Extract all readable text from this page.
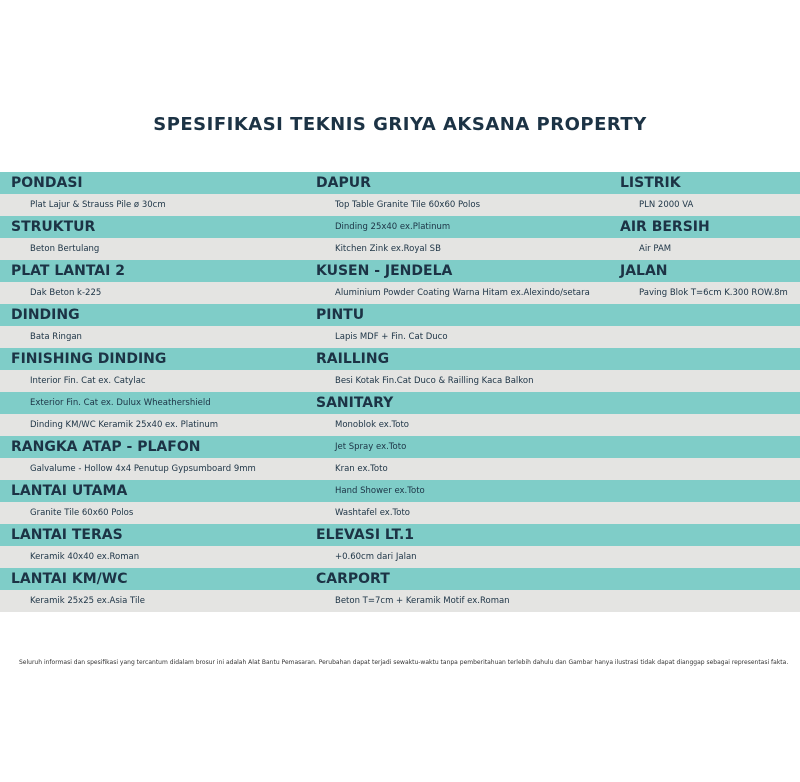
SPESIFIKASI TEKNIS GRIYA AKSANA PROPERTY
PONDASI
Plat Lajur & Strauss Pile ø 30cm
STRUKTUR
Beton Bertulang
PLAT LANTAI 2
Dak Beton k-225
DINDING
Bata Ringan
FINISHING DINDING
Interior Fin. Cat ex. Catylac
Exterior Fin. Cat ex. Dulux Wheathershield
Dinding KM/WC Keramik 25x40 ex. Platinum
RANGKA ATAP - PLAFON
Galvalume - Hollow 4x4 Penutup Gypsumboard 9mm
LANTAI UTAMA
Granite Tile 60x60 Polos
LANTAI TERAS
Keramik 40x40 ex.Roman
LANTAI KM/WC
Keramik 25x25 ex.Asia Tile
DAPUR
Top Table Granite Tile 60x60 Polos
Dinding 25x40 ex.Platinum
Kitchen Zink ex.Royal SB
KUSEN - JENDELA
Aluminium Powder Coating Warna Hitam ex.Alexindo/setara
PINTU
Lapis MDF + Fin. Cat Duco
RAILLING
Besi Kotak Fin.Cat Duco & Railling Kaca Balkon
SANITARY
Monoblok ex.Toto
Jet Spray ex.Toto
Kran ex.Toto
Hand Shower ex.Toto
Washtafel ex.Toto
ELEVASI LT.1
+0.60cm dari Jalan
CARPORT
Beton T=7cm + Keramik Motif ex.Roman
LISTRIK
PLN 2000 VA
AIR BERSIH
Air PAM
JALAN
Paving Blok T=6cm K.300 ROW.8m
Seluruh informasi dan spesifikasi yang tercantum didalam brosur ini adalah Alat Bantu Pemasaran. Perubahan dapat terjadi sewaktu-waktu tanpa pemberitahuan terlebih dahulu dan Gambar hanya ilustrasi tidak dapat dianggap sebagai representasi fakta.
